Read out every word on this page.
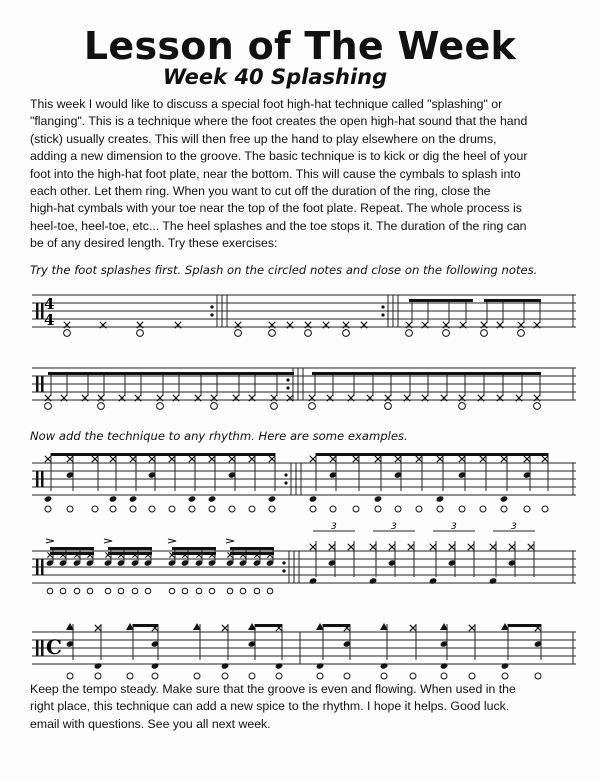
Lesson of The Week
Week 40 Splashing

This week I would like to discuss a special foot high-hat technique called "splashing" or
"flanging". This is a technique where the foot creates the open high-hat sound that the hand
(stick) usually creates. This will then free up the hand to play elsewhere on the drums,
adding a new dimension to the groove. The basic technique is to kick or dig the heel of your
foot into the high-hat foot plate, near the bottom. This will cause the cymbals to splash into
each other. Let them ring. When you want to cut off the duration of the ring, close the
high-hat cymbals with your toe near the top of the foot plate. Repeat. The whole process is
heel-toe, heel-toe, etc... The heel splashes and the toe stops it. The duration of the ring can
be of any desired length. Try these exercises:

Try the foot splashes first. Splash on the circled notes and close on the following notes.
Now add the technique to any rhythm. Here are some examples.

Keep the tempo steady. Make sure that the groove is even and flowing. When used in the
right place, this technique can add a new spice to the rhythm. I hope it helps. Good luck.
email with questions. See you all next week.

4
4
3	3	3	3
C
